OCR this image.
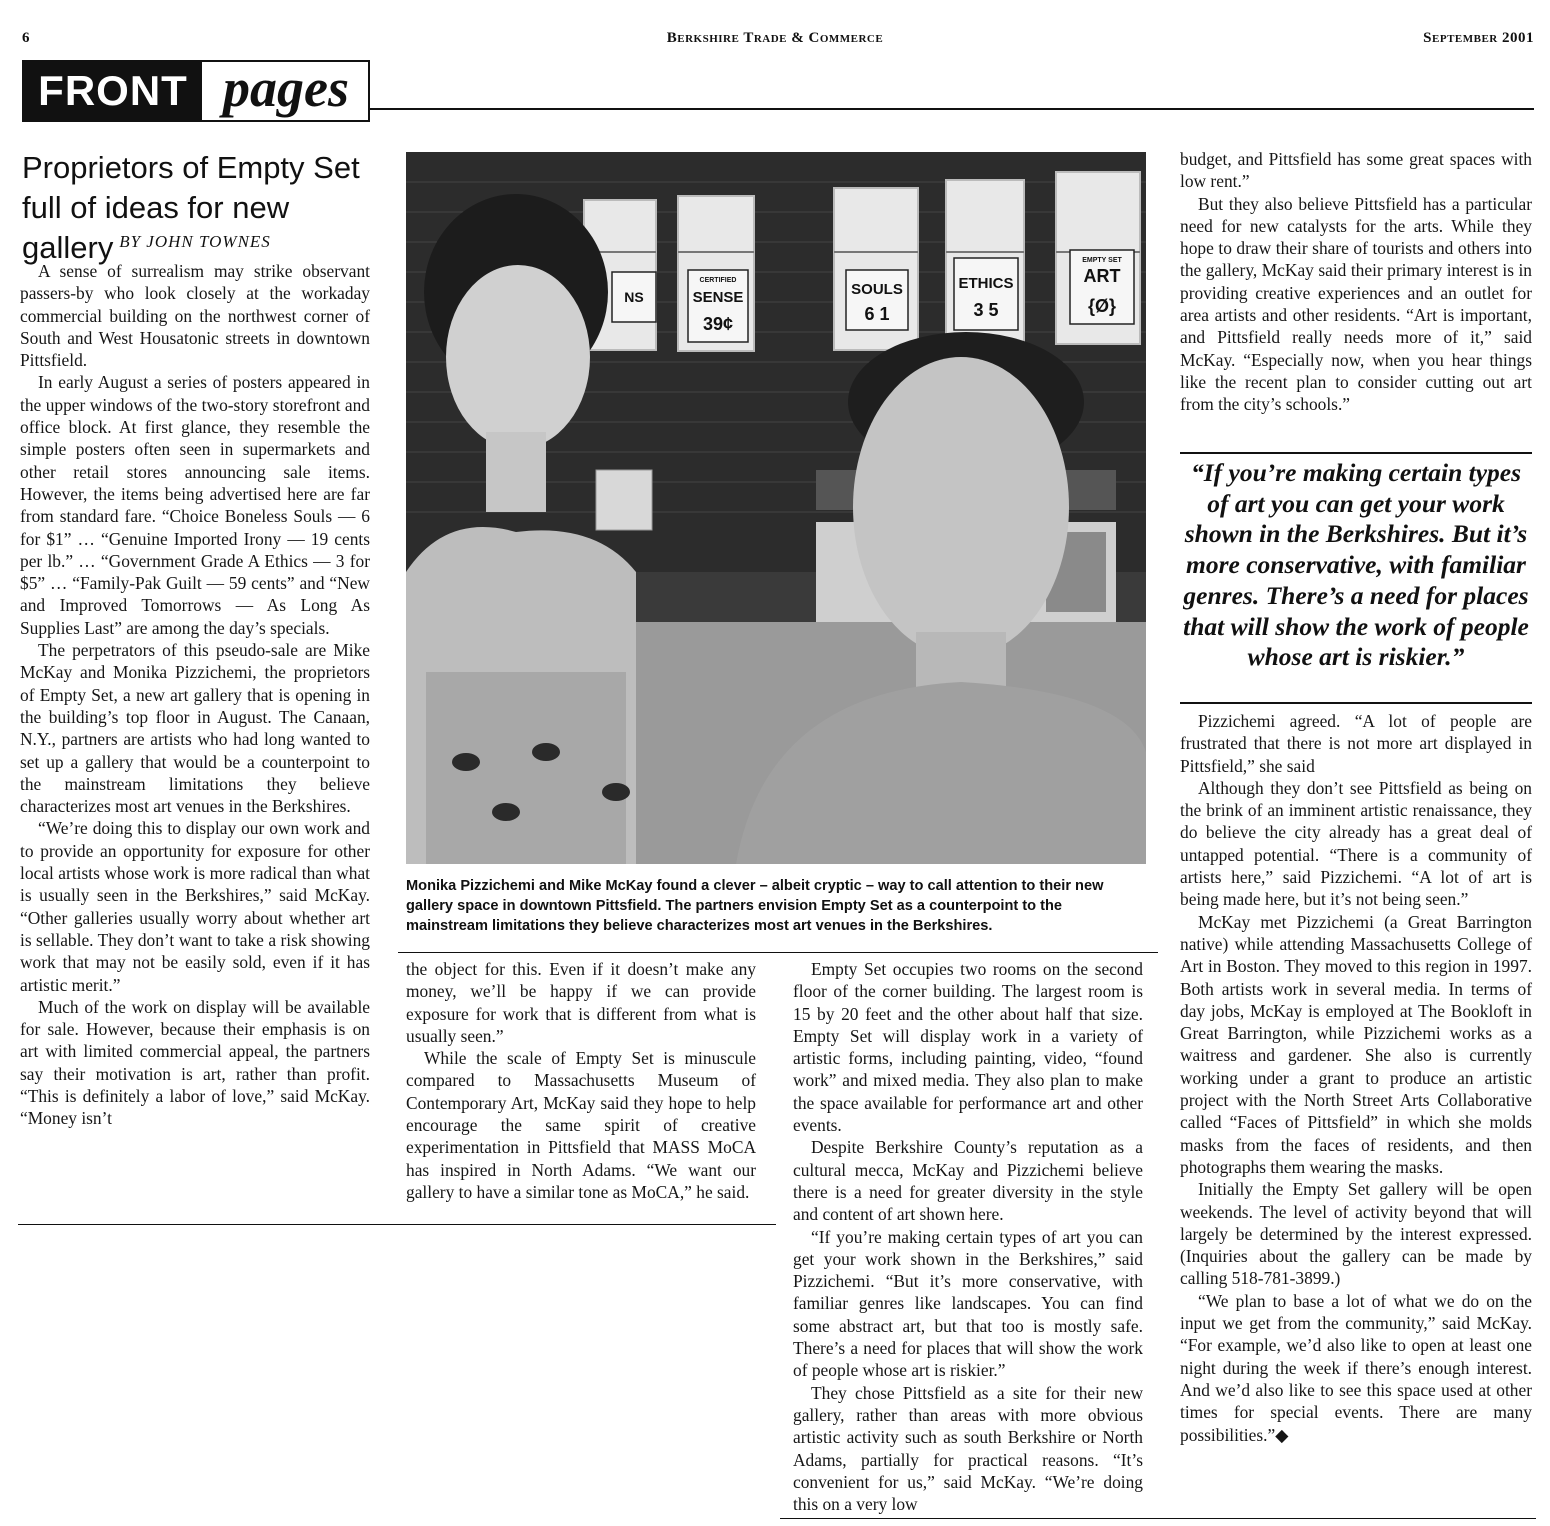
6	Berkshire Trade & Commerce	September 2001
FRONT pages
Proprietors of Empty Set
full of ideas for new gallery BY JOHN TOWNES

A sense of surrealism may strike observant passers-by who look closely at the workaday commercial building on the northwest corner of South and West Housatonic streets in downtown Pittsfield.

In early August a series of posters appeared in the upper windows of the two-story storefront and office block. At first glance, they resemble the simple posters often seen in supermarkets and other retail stores announcing sale items. However, the items being advertised here are far from standard fare. “Choice Boneless Souls — 6 for $1” … “Genuine Imported Irony — 19 cents per lb.” … “Government Grade A Ethics — 3 for $5” … “Family-Pak Guilt — 59 cents” and “New and Improved Tomorrows — As Long As Supplies Last” are among the day’s specials.

The perpetrators of this pseudo-sale are Mike McKay and Monika Pizzichemi, the proprietors of Empty Set, a new art gallery that is opening in the building’s top floor in August. The Canaan, N.Y., partners are artists who had long wanted to set up a gallery that would be a counterpoint to the mainstream limitations they believe characterizes most art venues in the Berkshires.

“We’re doing this to display our own work and to provide an opportunity for exposure for other local artists whose work is more radical than what is usually seen in the Berkshires,” said McKay. “Other galleries usually worry about whether art is sellable. They don’t want to take a risk showing work that may not be easily sold, even if it has artistic merit.”

Much of the work on display will be available for sale. However, because their emphasis is on art with limited commercial appeal, the partners say their motivation is art, rather than profit. “This is definitely a labor of love,” said McKay. “Money isn’t

NS
CERTIFIED
SENSE
39¢
SOULS
6 1
ETHICS
3 5
EMPTY SET
ART
{Ø}
Monika Pizzichemi and Mike McKay found a clever – albeit cryptic – way to call attention to their new gallery space in downtown Pittsfield. The partners envision Empty Set as a counterpoint to the mainstream limitations they believe characterizes most art venues in the Berkshires.

the object for this. Even if it doesn’t make any money, we’ll be happy if we can provide exposure for work that is different from what is usually seen.”

While the scale of Empty Set is minuscule compared to Massachusetts Museum of Contemporary Art, McKay said they hope to help encourage the same spirit of creative experimentation in Pittsfield that MASS MoCA has inspired in North Adams. “We want our gallery to have a similar tone as MoCA,” he said.

Empty Set occupies two rooms on the second floor of the corner building. The largest room is 15 by 20 feet and the other about half that size. Empty Set will display work in a variety of artistic forms, including painting, video, “found work” and mixed media. They also plan to make the space available for performance art and other events.

Despite Berkshire County’s reputation as a cultural mecca, McKay and Pizzichemi believe there is a need for greater diversity in the style and content of art shown here.

“If you’re making certain types of art you can get your work shown in the Berkshires,” said Pizzichemi. “But it’s more conservative, with familiar genres like landscapes. You can find some abstract art, but that too is mostly safe. There’s a need for places that will show the work of people whose art is riskier.”

They chose Pittsfield as a site for their new gallery, rather than areas with more obvious artistic activity such as south Berkshire or North Adams, partially for practical reasons. “It’s convenient for us,” said McKay. “We’re doing this on a very low

budget, and Pittsfield has some great spaces with low rent.”

But they also believe Pittsfield has a particular need for new catalysts for the arts. While they hope to draw their share of tourists and others into the gallery, McKay said their primary interest is in providing creative experiences and an outlet for area artists and other residents. “Art is important, and Pittsfield really needs more of it,” said McKay. “Especially now, when you hear things like the recent plan to consider cutting out art from the city’s schools.”

“If you’re making certain types of art you can get your work shown in the Berkshires. But it’s more conservative, with familiar genres. There’s a need for places that will show the work of people whose art is riskier.”

Pizzichemi agreed. “A lot of people are frustrated that there is not more art displayed in Pittsfield,” she said

Although they don’t see Pittsfield as being on the brink of an imminent artistic renaissance, they do believe the city already has a great deal of untapped potential. “There is a community of artists here,” said Pizzichemi. “A lot of art is being made here, but it’s not being seen.”

McKay met Pizzichemi (a Great Barrington native) while attending Massachusetts College of Art in Boston. They moved to this region in 1997. Both artists work in several media. In terms of day jobs, McKay is employed at The Bookloft in Great Barrington, while Pizzichemi works as a waitress and gardener. She also is currently working under a grant to produce an artistic project with the North Street Arts Collaborative called “Faces of Pittsfield” in which she molds masks from the faces of residents, and then photographs them wearing the masks.

Initially the Empty Set gallery will be open weekends. The level of activity beyond that will largely be determined by the interest expressed. (Inquiries about the gallery can be made by calling 518-781-3899.)

“We plan to base a lot of what we do on the input we get from the community,” said McKay. “For example, we’d also like to open at least one night during the week if there’s enough interest. And we’d also like to see this space used at other times for special events. There are many possibilities.”◆
